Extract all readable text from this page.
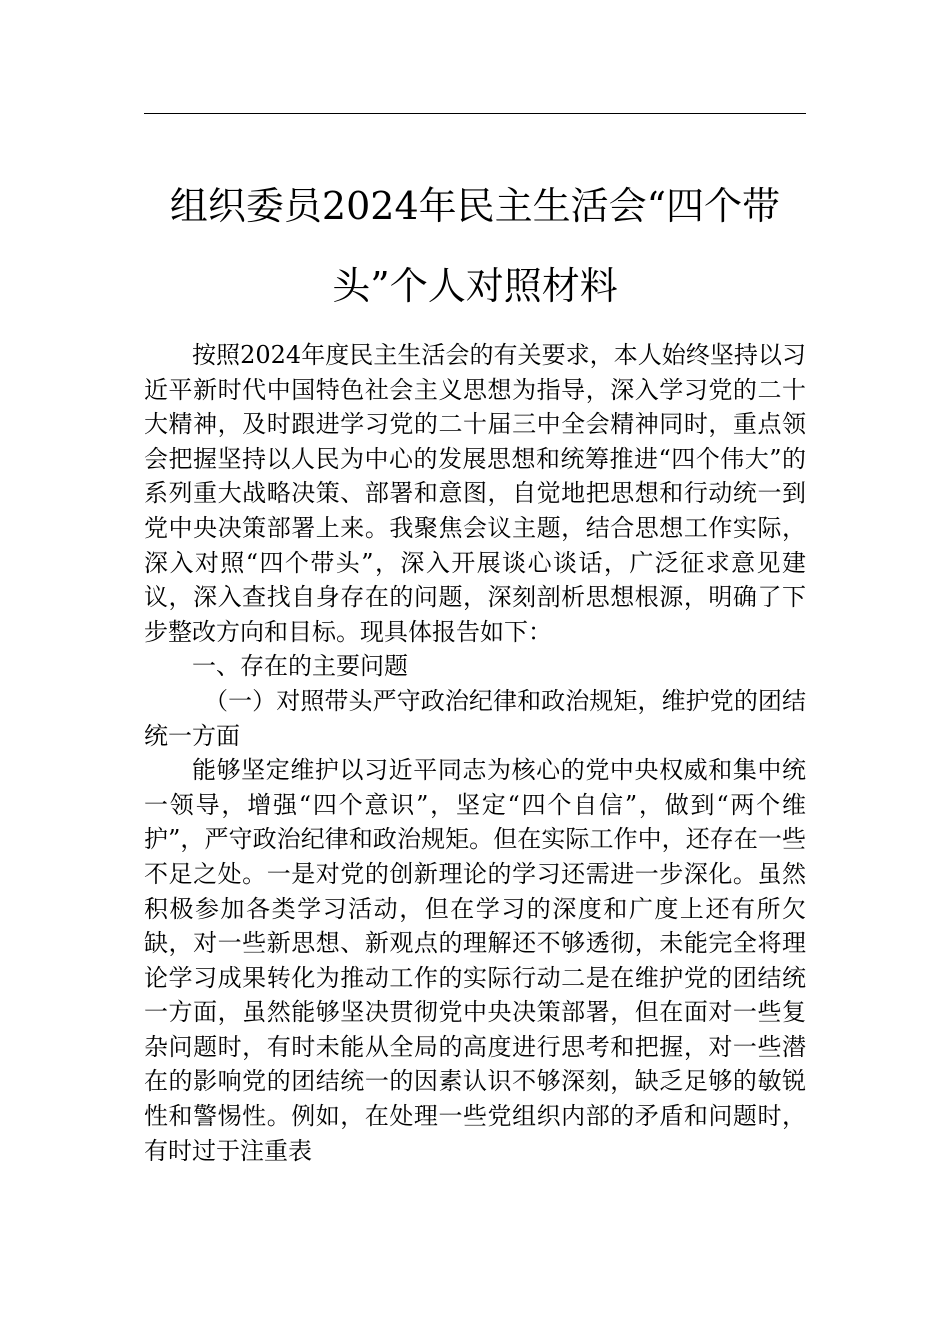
组织委员2024年民主生活会“四个带头”个人对照材料

按照2024年度民主生活会的有关要求，本人始终坚持以习近平新时代中国特色社会主义思想为指导，深入学习党的二十大精神，及时跟进学习党的二十届三中全会精神同时，重点领会把握坚持以人民为中心的发展思想和统筹推进“四个伟大”的系列重大战略决策、部署和意图，自觉地把思想和行动统一到党中央决策部署上来。我聚焦会议主题，结合思想工作实际，深入对照“四个带头”，深入开展谈心谈话，广泛征求意见建议，深入查找自身存在的问题，深刻剖析思想根源，明确了下步整改方向和目标。现具体报告如下：

一、存在的主要问题

（一）对照带头严守政治纪律和政治规矩，维护党的团结统一方面

能够坚定维护以习近平同志为核心的党中央权威和集中统一领导，增强“四个意识”，坚定“四个自信”，做到“两个维护”，严守政治纪律和政治规矩。但在实际工作中，还存在一些不足之处。一是对党的创新理论的学习还需进一步深化。虽然积极参加各类学习活动，但在学习的深度和广度上还有所欠缺，对一些新思想、新观点的理解还不够透彻，未能完全将理论学习成果转化为推动工作的实际行动二是在维护党的团结统一方面，虽然能够坚决贯彻党中央决策部署，但在面对一些复杂问题时，有时未能从全局的高度进行思考和把握，对一些潜在的影响党的团结统一的因素认识不够深刻，缺乏足够的敏锐性和警惕性。例如，在处理一些党组织内部的矛盾和问题时，有时过于注重表
